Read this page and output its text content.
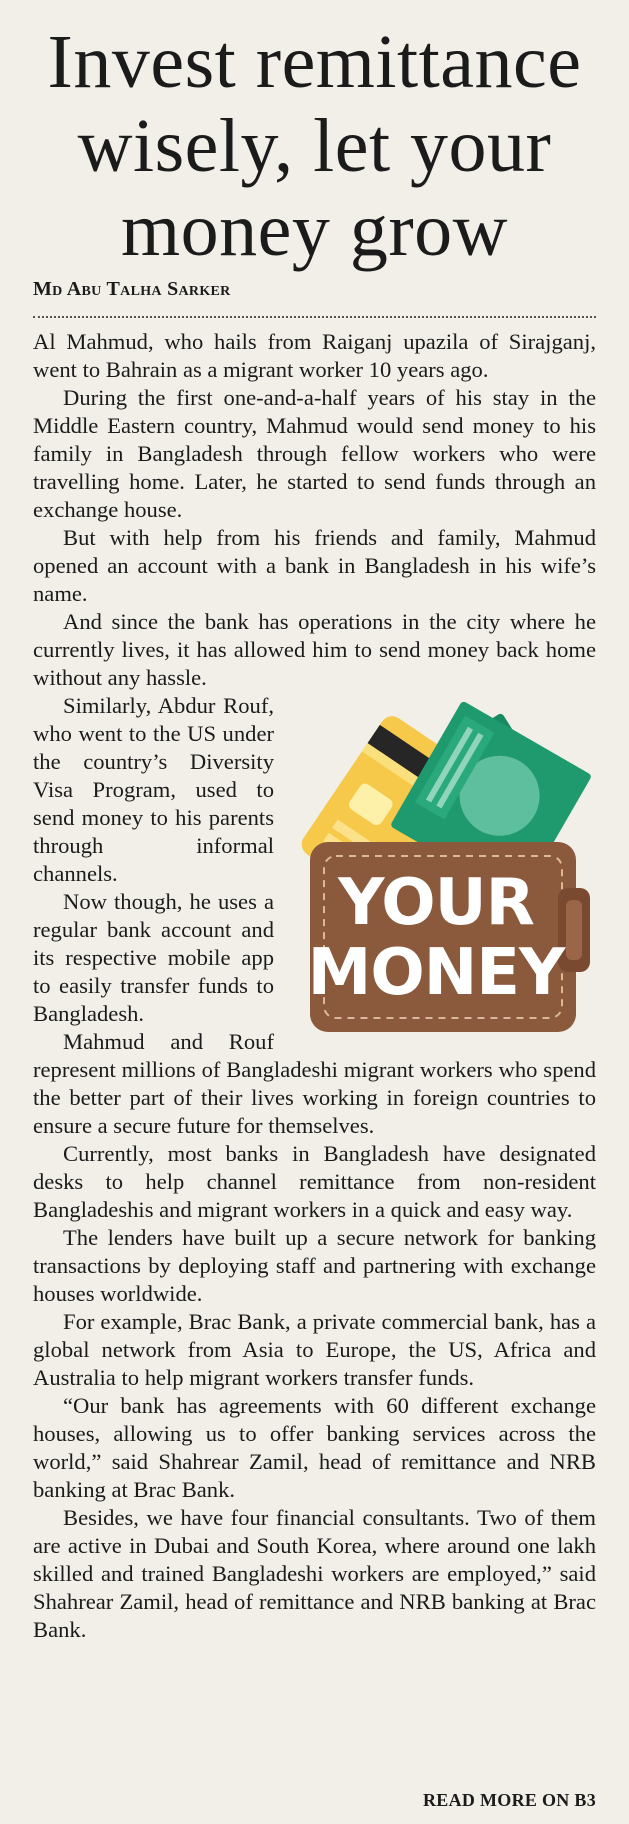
Invest remittance
wisely, let your
money grow
Md Abu Talha Sarker

Al Mahmud, who hails from Raiganj upazila of Sirajganj, went to Bahrain as a migrant worker 10 years ago.

During the first one-and-a-half years of his stay in the Middle Eastern country, Mahmud would send money to his family in Bangladesh through fellow workers who were travelling home. Later, he started to send funds through an exchange house.

But with help from his friends and family, Mahmud opened an account with a bank in Bangladesh in his wife’s name.

And since the bank has operations in the city where he currently lives, it has allowed him to send money back home without any hassle.

YOUR
MONEY

Similarly, Abdur Rouf, who went to the US under the country’s Diversity Visa Program, used to send money to his parents through informal channels.

Now though, he uses a regular bank account and its respective mobile app to easily transfer funds to Bangladesh.

Mahmud and Rouf represent millions of Bangladeshi migrant workers who spend the better part of their lives working in foreign countries to ensure a secure future for themselves.

Currently, most banks in Bangladesh have designated desks to help channel remittance from non-resident Bangladeshis and migrant workers in a quick and easy way.

The lenders have built up a secure network for banking transactions by deploying staff and partnering with exchange houses worldwide.

For example, Brac Bank, a private commercial bank, has a global network from Asia to Europe, the US, Africa and Australia to help migrant workers transfer funds.

“Our bank has agreements with 60 different exchange houses, allowing us to offer banking services across the world,” said Shahrear Zamil, head of remittance and NRB banking at Brac Bank.

Besides, we have four financial consultants. Two of them are active in Dubai and South Korea, where around one lakh skilled and trained Bangladeshi workers are employed,” said Shahrear Zamil, head of remittance and NRB banking at Brac Bank.

READ MORE ON B3
